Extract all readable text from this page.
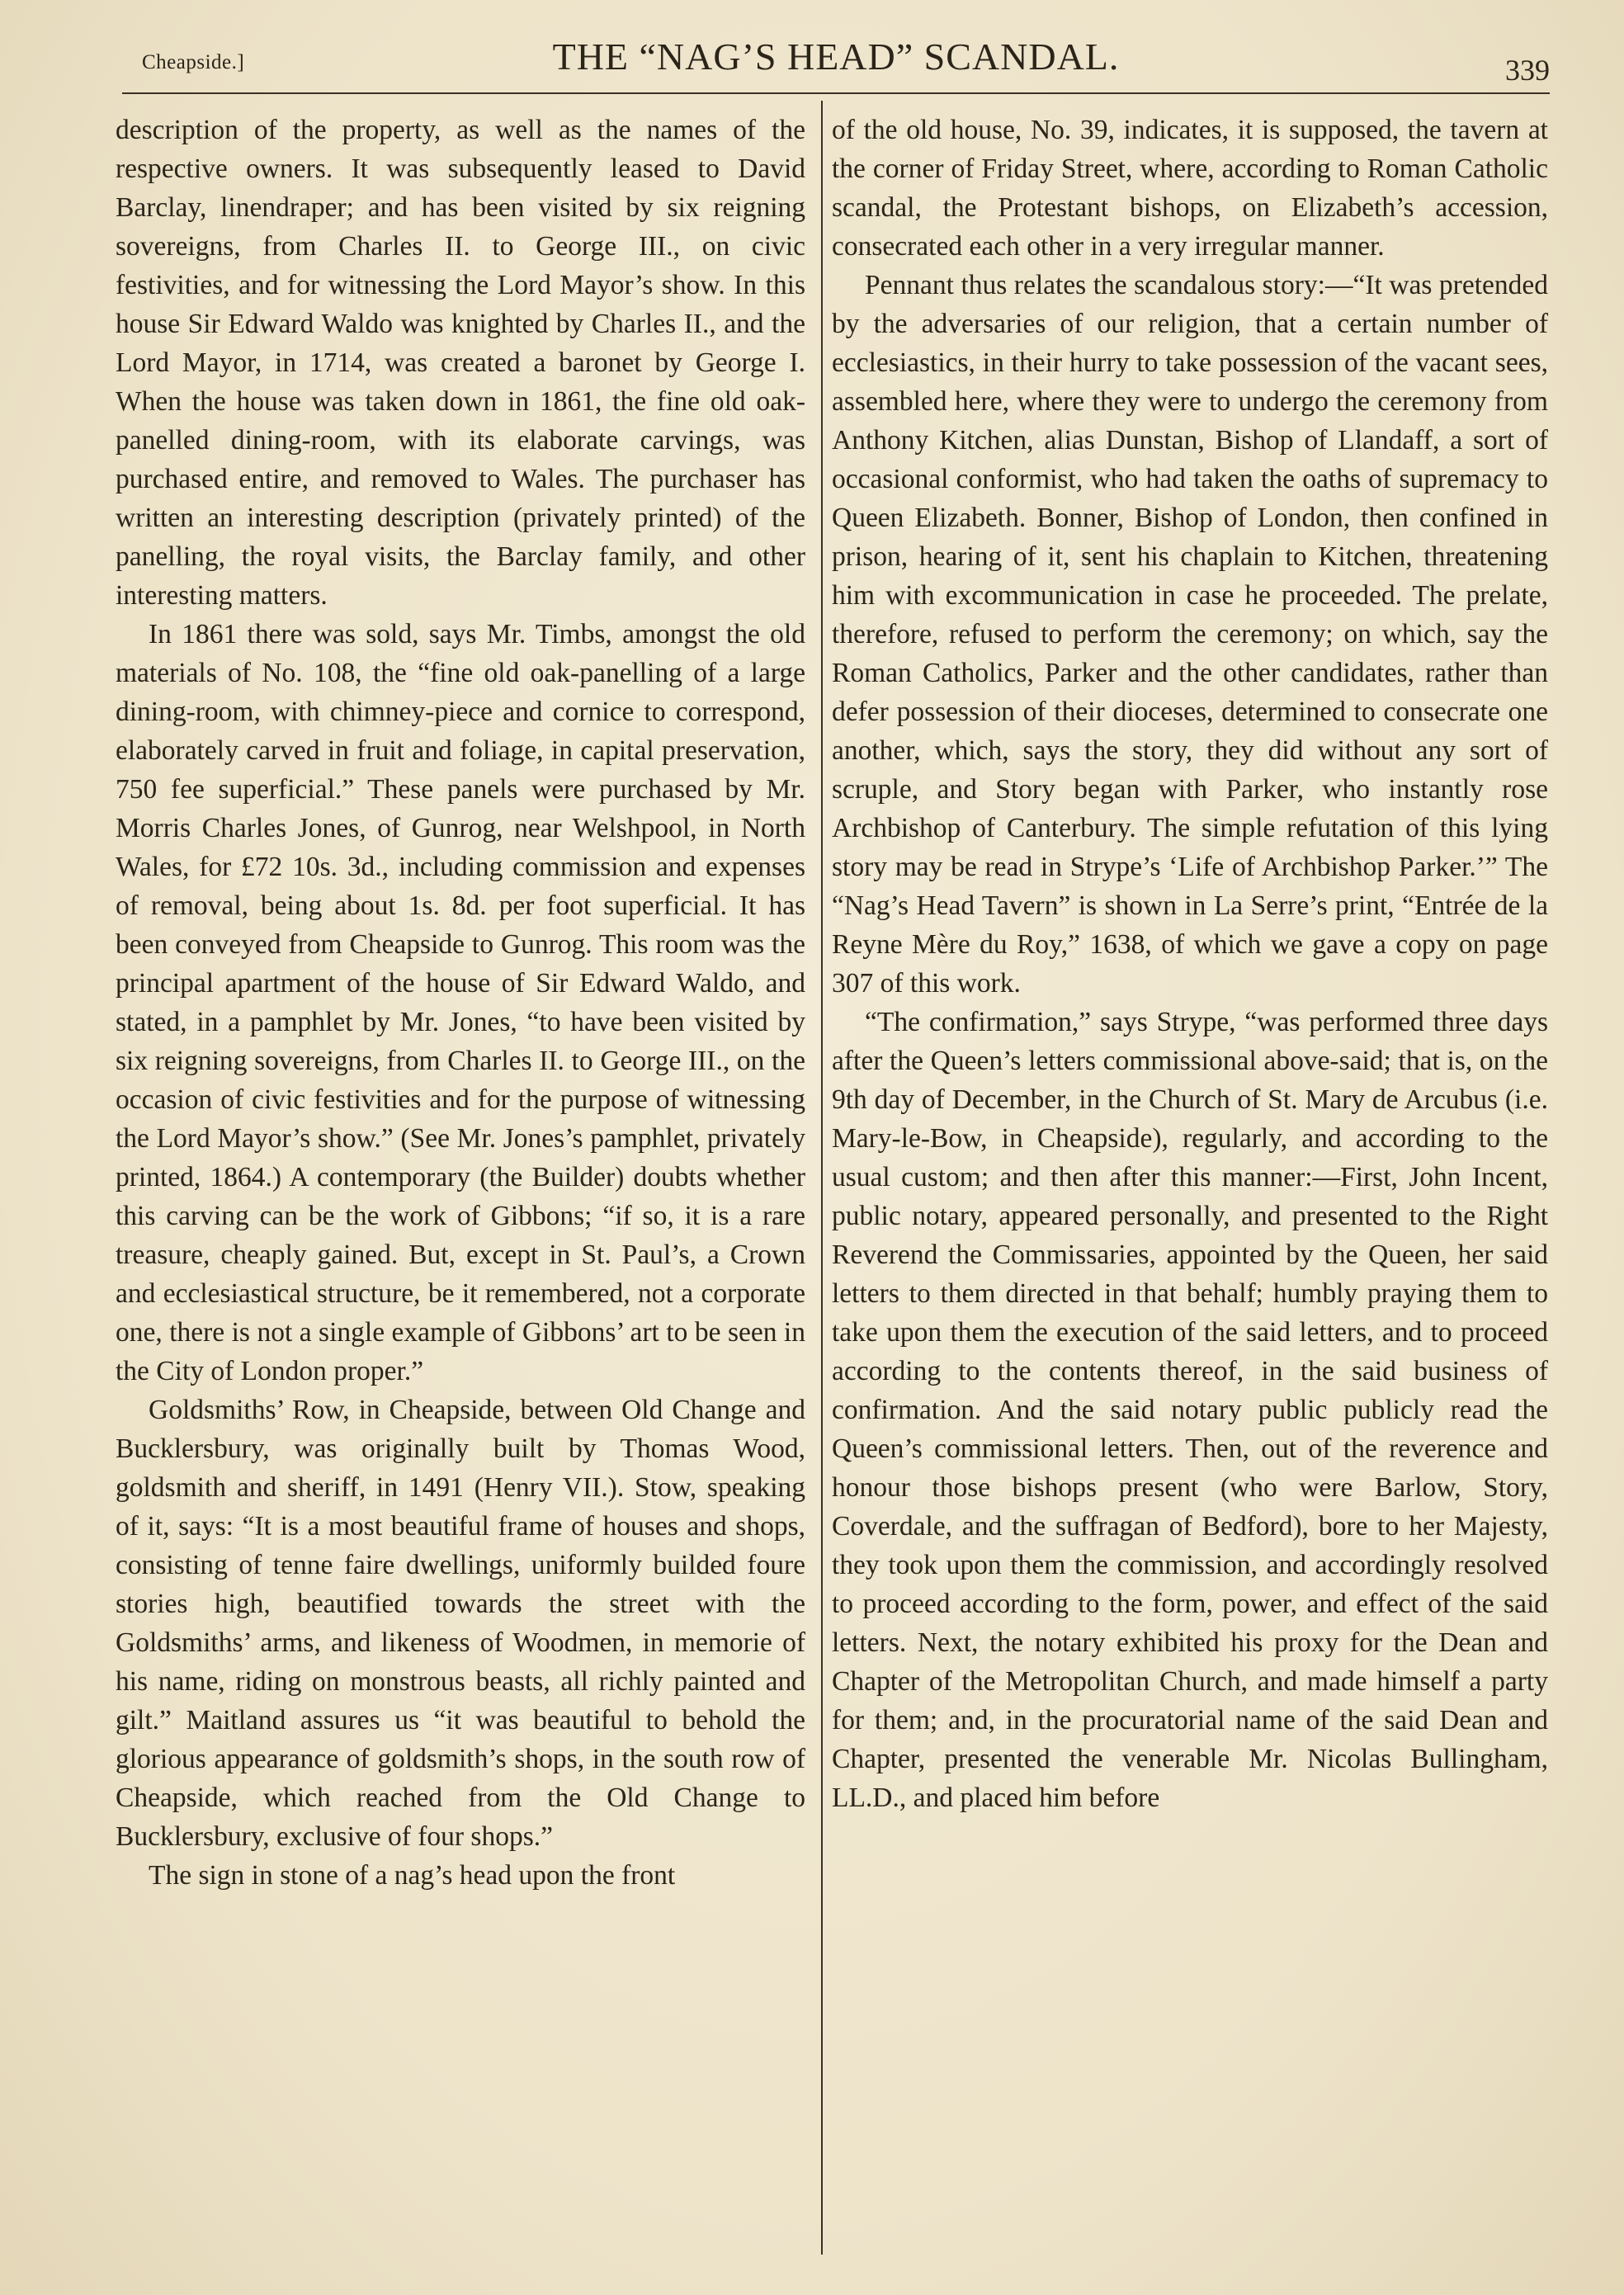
Cheapside.]	THE “NAG’S HEAD” SCANDAL.	339

description of the property, as well as the names of the respective owners. It was subsequently leased to David Barclay, linendraper; and has been visited by six reigning sovereigns, from Charles II. to George III., on civic festivities, and for witnessing the Lord Mayor’s show. In this house Sir Edward Waldo was knighted by Charles II., and the Lord Mayor, in 1714, was created a baronet by George I. When the house was taken down in 1861, the fine old oak-panelled dining-room, with its elaborate carvings, was purchased entire, and removed to Wales. The purchaser has written an interesting description (privately printed) of the panelling, the royal visits, the Barclay family, and other interesting matters.

In 1861 there was sold, says Mr. Timbs, amongst the old materials of No. 108, the “fine old oak-panelling of a large dining-room, with chimney-piece and cornice to correspond, elaborately carved in fruit and foliage, in capital preservation, 750 fee superficial.” These panels were purchased by Mr. Morris Charles Jones, of Gunrog, near Welshpool, in North Wales, for £72 10s. 3d., including commission and expenses of removal, being about 1s. 8d. per foot superficial. It has been conveyed from Cheapside to Gunrog. This room was the principal apartment of the house of Sir Edward Waldo, and stated, in a pamphlet by Mr. Jones, “to have been visited by six reigning sovereigns, from Charles II. to George III., on the occasion of civic festivities and for the purpose of witnessing the Lord Mayor’s show.” (See Mr. Jones’s pamphlet, privately printed, 1864.) A contemporary (the Builder) doubts whether this carving can be the work of Gibbons; “if so, it is a rare treasure, cheaply gained. But, except in St. Paul’s, a Crown and ecclesiastical structure, be it remembered, not a corporate one, there is not a single example of Gibbons’ art to be seen in the City of London proper.”

Goldsmiths’ Row, in Cheapside, between Old Change and Bucklersbury, was originally built by Thomas Wood, goldsmith and sheriff, in 1491 (Henry VII.). Stow, speaking of it, says: “It is a most beautiful frame of houses and shops, consisting of tenne faire dwellings, uniformly builded foure stories high, beautified towards the street with the Goldsmiths’ arms, and likeness of Woodmen, in memorie of his name, riding on monstrous beasts, all richly painted and gilt.” Maitland assures us “it was beautiful to behold the glorious appearance of goldsmith’s shops, in the south row of Cheapside, which reached from the Old Change to Bucklersbury, exclusive of four shops.”

The sign in stone of a nag’s head upon the front

of the old house, No. 39, indicates, it is supposed, the tavern at the corner of Friday Street, where, according to Roman Catholic scandal, the Protestant bishops, on Elizabeth’s accession, consecrated each other in a very irregular manner.

Pennant thus relates the scandalous story:—“It was pretended by the adversaries of our religion, that a certain number of ecclesiastics, in their hurry to take possession of the vacant sees, assembled here, where they were to undergo the ceremony from Anthony Kitchen, alias Dunstan, Bishop of Llandaff, a sort of occasional conformist, who had taken the oaths of supremacy to Queen Elizabeth. Bonner, Bishop of London, then confined in prison, hearing of it, sent his chaplain to Kitchen, threatening him with excommunication in case he proceeded. The prelate, therefore, refused to perform the ceremony; on which, say the Roman Catholics, Parker and the other candidates, rather than defer possession of their dioceses, determined to consecrate one another, which, says the story, they did without any sort of scruple, and Story began with Parker, who instantly rose Archbishop of Canterbury. The simple refutation of this lying story may be read in Strype’s ‘Life of Archbishop Parker.’” The “Nag’s Head Tavern” is shown in La Serre’s print, “Entrée de la Reyne Mère du Roy,” 1638, of which we gave a copy on page 307 of this work.

“The confirmation,” says Strype, “was performed three days after the Queen’s letters commissional above-said; that is, on the 9th day of December, in the Church of St. Mary de Arcubus (i.e. Mary-le-Bow, in Cheapside), regularly, and according to the usual custom; and then after this manner:—First, John Incent, public notary, appeared personally, and presented to the Right Reverend the Commissaries, appointed by the Queen, her said letters to them directed in that behalf; humbly praying them to take upon them the execution of the said letters, and to proceed according to the contents thereof, in the said business of confirmation. And the said notary public publicly read the Queen’s commissional letters. Then, out of the reverence and honour those bishops present (who were Barlow, Story, Coverdale, and the suffragan of Bedford), bore to her Majesty, they took upon them the commission, and accordingly resolved to proceed according to the form, power, and effect of the said letters. Next, the notary exhibited his proxy for the Dean and Chapter of the Metropolitan Church, and made himself a party for them; and, in the procuratorial name of the said Dean and Chapter, presented the venerable Mr. Nicolas Bullingham, LL.D., and placed him before
